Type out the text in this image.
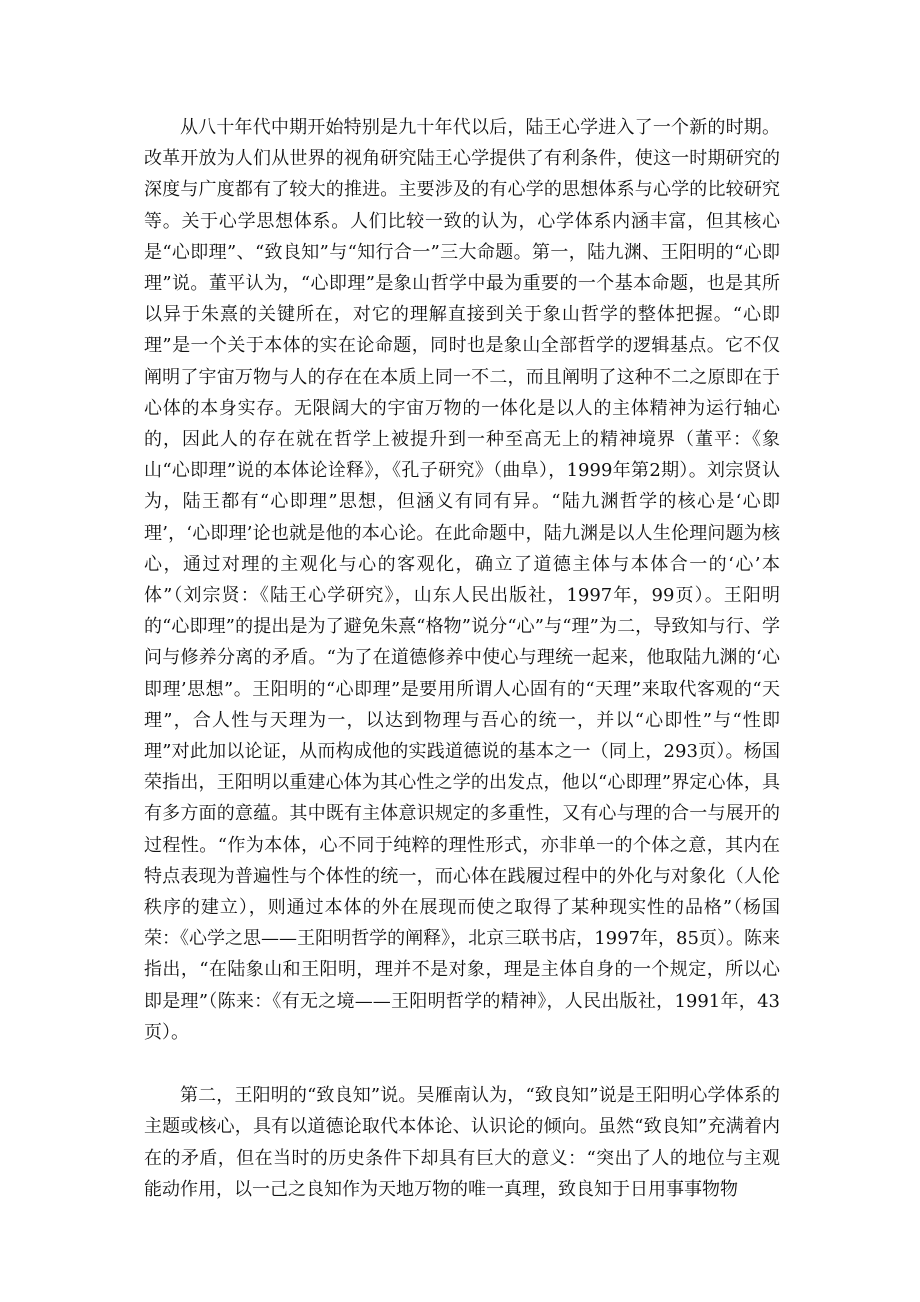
从八十年代中期开始特别是九十年代以后，陆王心学进入了一个新的时期。改革开放为人们从世界的视角研究陆王心学提供了有利条件，使这一时期研究的深度与广度都有了较大的推进。主要涉及的有心学的思想体系与心学的比较研究等。关于心学思想体系。人们比较一致的认为，心学体系内涵丰富，但其核心是“心即理”、“致良知”与“知行合一”三大命题。第一，陆九渊、王阳明的“心即理”说。董平认为，“心即理”是象山哲学中最为重要的一个基本命题，也是其所以异于朱熹的关键所在，对它的理解直接到关于象山哲学的整体把握。“心即理”是一个关于本体的实在论命题，同时也是象山全部哲学的逻辑基点。它不仅阐明了宇宙万物与人的存在在本质上同一不二，而且阐明了这种不二之原即在于心体的本身实存。无限阔大的宇宙万物的一体化是以人的主体精神为运行轴心的，因此人的存在就在哲学上被提升到一种至高无上的精神境界（董平：《象山“心即理”说的本体论诠释》，《孔子研究》（曲阜），1999年第2期）。刘宗贤认为，陆王都有“心即理”思想，但涵义有同有异。“陆九渊哲学的核心是‘心即理’，‘心即理’论也就是他的本心论。在此命题中，陆九渊是以人生伦理问题为核心，通过对理的主观化与心的客观化，确立了道德主体与本体合一的‘心’本体”（刘宗贤：《陆王心学研究》，山东人民出版社，1997年，99页）。王阳明的“心即理”的提出是为了避免朱熹“格物”说分“心”与“理”为二，导致知与行、学问与修养分离的矛盾。“为了在道德修养中使心与理统一起来，他取陆九渊的‘心即理’思想”。王阳明的“心即理”是要用所谓人心固有的“天理”来取代客观的“天理”，合人性与天理为一，以达到物理与吾心的统一，并以“心即性”与“性即理”对此加以论证，从而构成他的实践道德说的基本之一（同上，293页）。杨国荣指出，王阳明以重建心体为其心性之学的出发点，他以“心即理”界定心体，具有多方面的意蕴。其中既有主体意识规定的多重性，又有心与理的合一与展开的过程性。“作为本体，心不同于纯粹的理性形式，亦非单一的个体之意，其内在特点表现为普遍性与个体性的统一，而心体在践履过程中的外化与对象化（人伦秩序的建立），则通过本体的外在展现而使之取得了某种现实性的品格”（杨国荣：《心学之思——王阳明哲学的阐释》，北京三联书店，1997年，85页）。陈来指出，“在陆象山和王阳明，理并不是对象，理是主体自身的一个规定，所以心即是理”（陈来：《有无之境——王阳明哲学的精神》，人民出版社，1991年，43页）。

第二，王阳明的“致良知”说。吴雁南认为，“致良知”说是王阳明心学体系的主题或核心，具有以道德论取代本体论、认识论的倾向。虽然“致良知”充满着内在的矛盾，但在当时的历史条件下却具有巨大的意义：“突出了人的地位与主观能动作用，以一己之良知作为天地万物的唯一真理，致良知于日用事事物物
